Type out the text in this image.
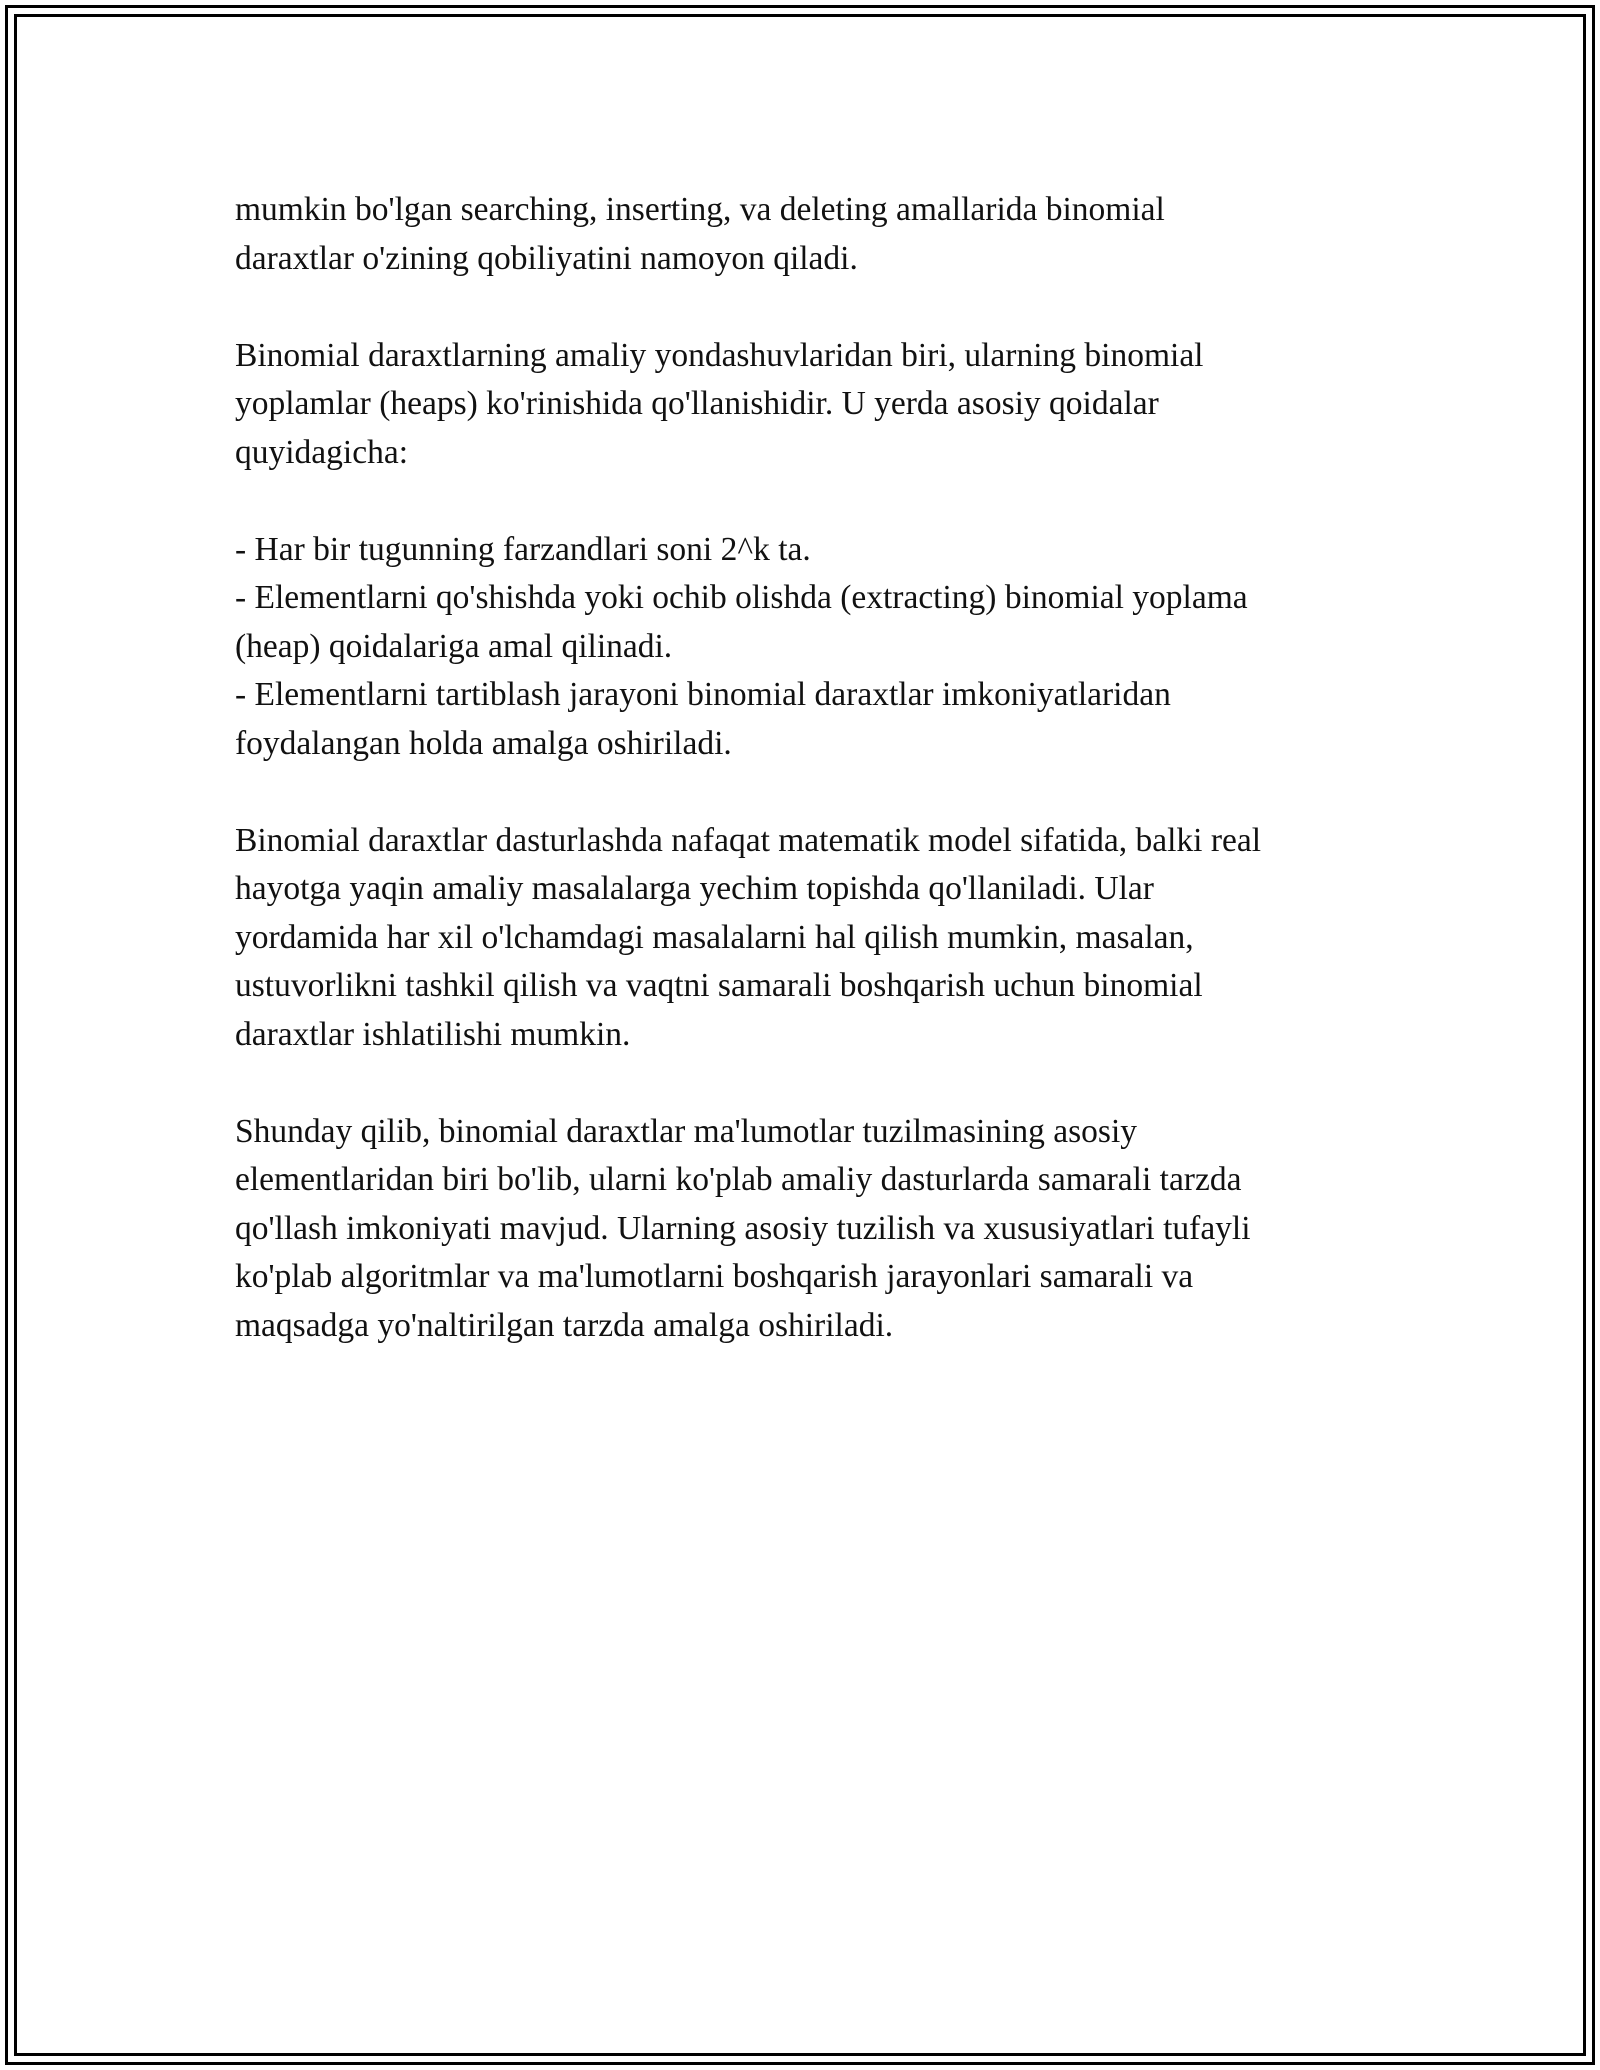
mumkin bo'lgan searching, inserting, va deleting amallarida binomial
daraxtlar o'zining qobiliyatini namoyon qiladi.

Binomial daraxtlarning amaliy yondashuvlaridan biri, ularning binomial
yoplamlar (heaps) ko'rinishida qo'llanishidir. U yerda asosiy qoidalar
quyidagicha:

- Har bir tugunning farzandlari soni 2^k ta.
- Elementlarni qo'shishda yoki ochib olishda (extracting) binomial yoplama
(heap) qoidalariga amal qilinadi.
- Elementlarni tartiblash jarayoni binomial daraxtlar imkoniyatlaridan
foydalangan holda amalga oshiriladi.

Binomial daraxtlar dasturlashda nafaqat matematik model sifatida, balki real
hayotga yaqin amaliy masalalarga yechim topishda qo'llaniladi. Ular
yordamida har xil o'lchamdagi masalalarni hal qilish mumkin, masalan,
ustuvorlikni tashkil qilish va vaqtni samarali boshqarish uchun binomial
daraxtlar ishlatilishi mumkin.

Shunday qilib, binomial daraxtlar ma'lumotlar tuzilmasining asosiy
elementlaridan biri bo'lib, ularni ko'plab amaliy dasturlarda samarali tarzda
qo'llash imkoniyati mavjud. Ularning asosiy tuzilish va xususiyatlari tufayli
ko'plab algoritmlar va ma'lumotlarni boshqarish jarayonlari samarali va
maqsadga yo'naltirilgan tarzda amalga oshiriladi.
